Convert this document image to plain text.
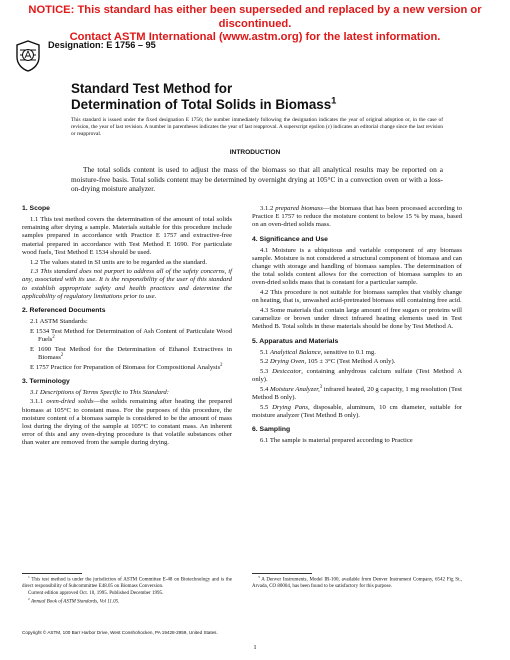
NOTICE: This standard has either been superseded and replaced by a new version or discontinued.
Contact ASTM International (www.astm.org) for the latest information.
Designation: E 1756 – 95
Standard Test Method for
Determination of Total Solids in Biomass$^1$
This standard is issued under the fixed designation E 1756; the number immediately following the designation indicates the year of original adoption or, in the case of revision, the year of last revision. A number in parentheses indicates the year of last reapproval. A superscript epsilon (ε) indicates an editorial change since the last revision or reapproval.
INTRODUCTION

The total solids content is used to adjust the mass of the biomass so that all analytical results may be reported on a moisture-free basis. Total solids content may be determined by overnight drying at 105°C in a convection oven or with a loss-on-drying moisture analyzer.

1. Scope

1.1 This test method covers the determination of the amount of total solids remaining after drying a sample. Materials suitable for this procedure include samples prepared in accordance with Practice E 1757 and extractive-free material prepared in accordance with Test Method E 1690. For particulate wood fuels, Test Method E 1534 should be used.

1.2 The values stated in SI units are to be regarded as the standard.

1.3 This standard does not purport to address all of the safety concerns, if any, associated with its use. It is the responsibility of the user of this standard to establish appropriate safety and health practices and determine the applicability of regulatory limitations prior to use.

2. Referenced Documents

2.1 ASTM Standards:

E 1534 Test Method for Determination of Ash Content of Particulate Wood Fuels$^2$

E 1690 Test Method for the Determination of Ethanol Extractives in Biomass$^2$

E 1757 Practice for Preparation of Biomass for Compositional Analysis$^2$

3. Terminology

3.1 Descriptions of Terms Specific to This Standard:

3.1.1 oven-dried solids—the solids remaining after heating the prepared biomass at 105°C to constant mass. For the purposes of this procedure, the moisture content of a biomass sample is considered to be the amount of mass lost during the drying of the sample at 105°C to constant mass. An inherent error of this and any oven-drying procedure is that volatile substances other than water are removed from the sample during drying.

3.1.2 prepared biomass—the biomass that has been processed according to Practice E 1757 to reduce the moisture content to below 15 % by mass, based on an oven-dried solids mass.

4. Significance and Use

4.1 Moisture is a ubiquitous and variable component of any biomass sample. Moisture is not considered a structural component of biomass and can change with storage and handling of biomass samples. The determination of the total solids content allows for the correction of biomass samples to an oven-dried solids mass that is constant for a particular sample.

4.2 This procedure is not suitable for biomass samples that visibly change on heating, that is, unwashed acid-pretreated biomass still containing free acid.

4.3 Some materials that contain large amount of free sugars or proteins will caramelize or brown under direct infrared heating elements used in Test Method B. Total solids in these materials should be done by Test Method A.

5. Apparatus and Materials

5.1 Analytical Balance, sensitive to 0.1 mg.

5.2 Drying Oven, 105 ± 3°C (Test Method A only).

5.3 Desiccator, containing anhydrous calcium sulfate (Test Method A only).

5.4 Moisture Analyzer,$^3$ infrared heated, 20 g capacity, 1 mg resolution (Test Method B only).

5.5 Drying Pans, disposable, aluminum, 10 cm diameter, suitable for moisture analyzer (Test Method B only).

6. Sampling

6.1 The sample is material prepared according to Practice

$^1$ This test method is under the jurisdiction of ASTM Committee E-48 on Biotechnology and is the direct responsibility of Subcommittee E48.05 on Biomass Conversion.

Current edition approved Oct. 10, 1995. Published December 1995.

$^2$ Annual Book of ASTM Standards, Vol 11.05.

$^3$ A Denver Instruments, Model IR-100, available from Denver Instrument Company, 6542 Fig St., Arvada, CO 80004, has been found to be satisfactory for this purpose.

Copyright © ASTM, 100 Barr Harbor Drive, West Conshohocken, PA 19428-2959, United States.
1
